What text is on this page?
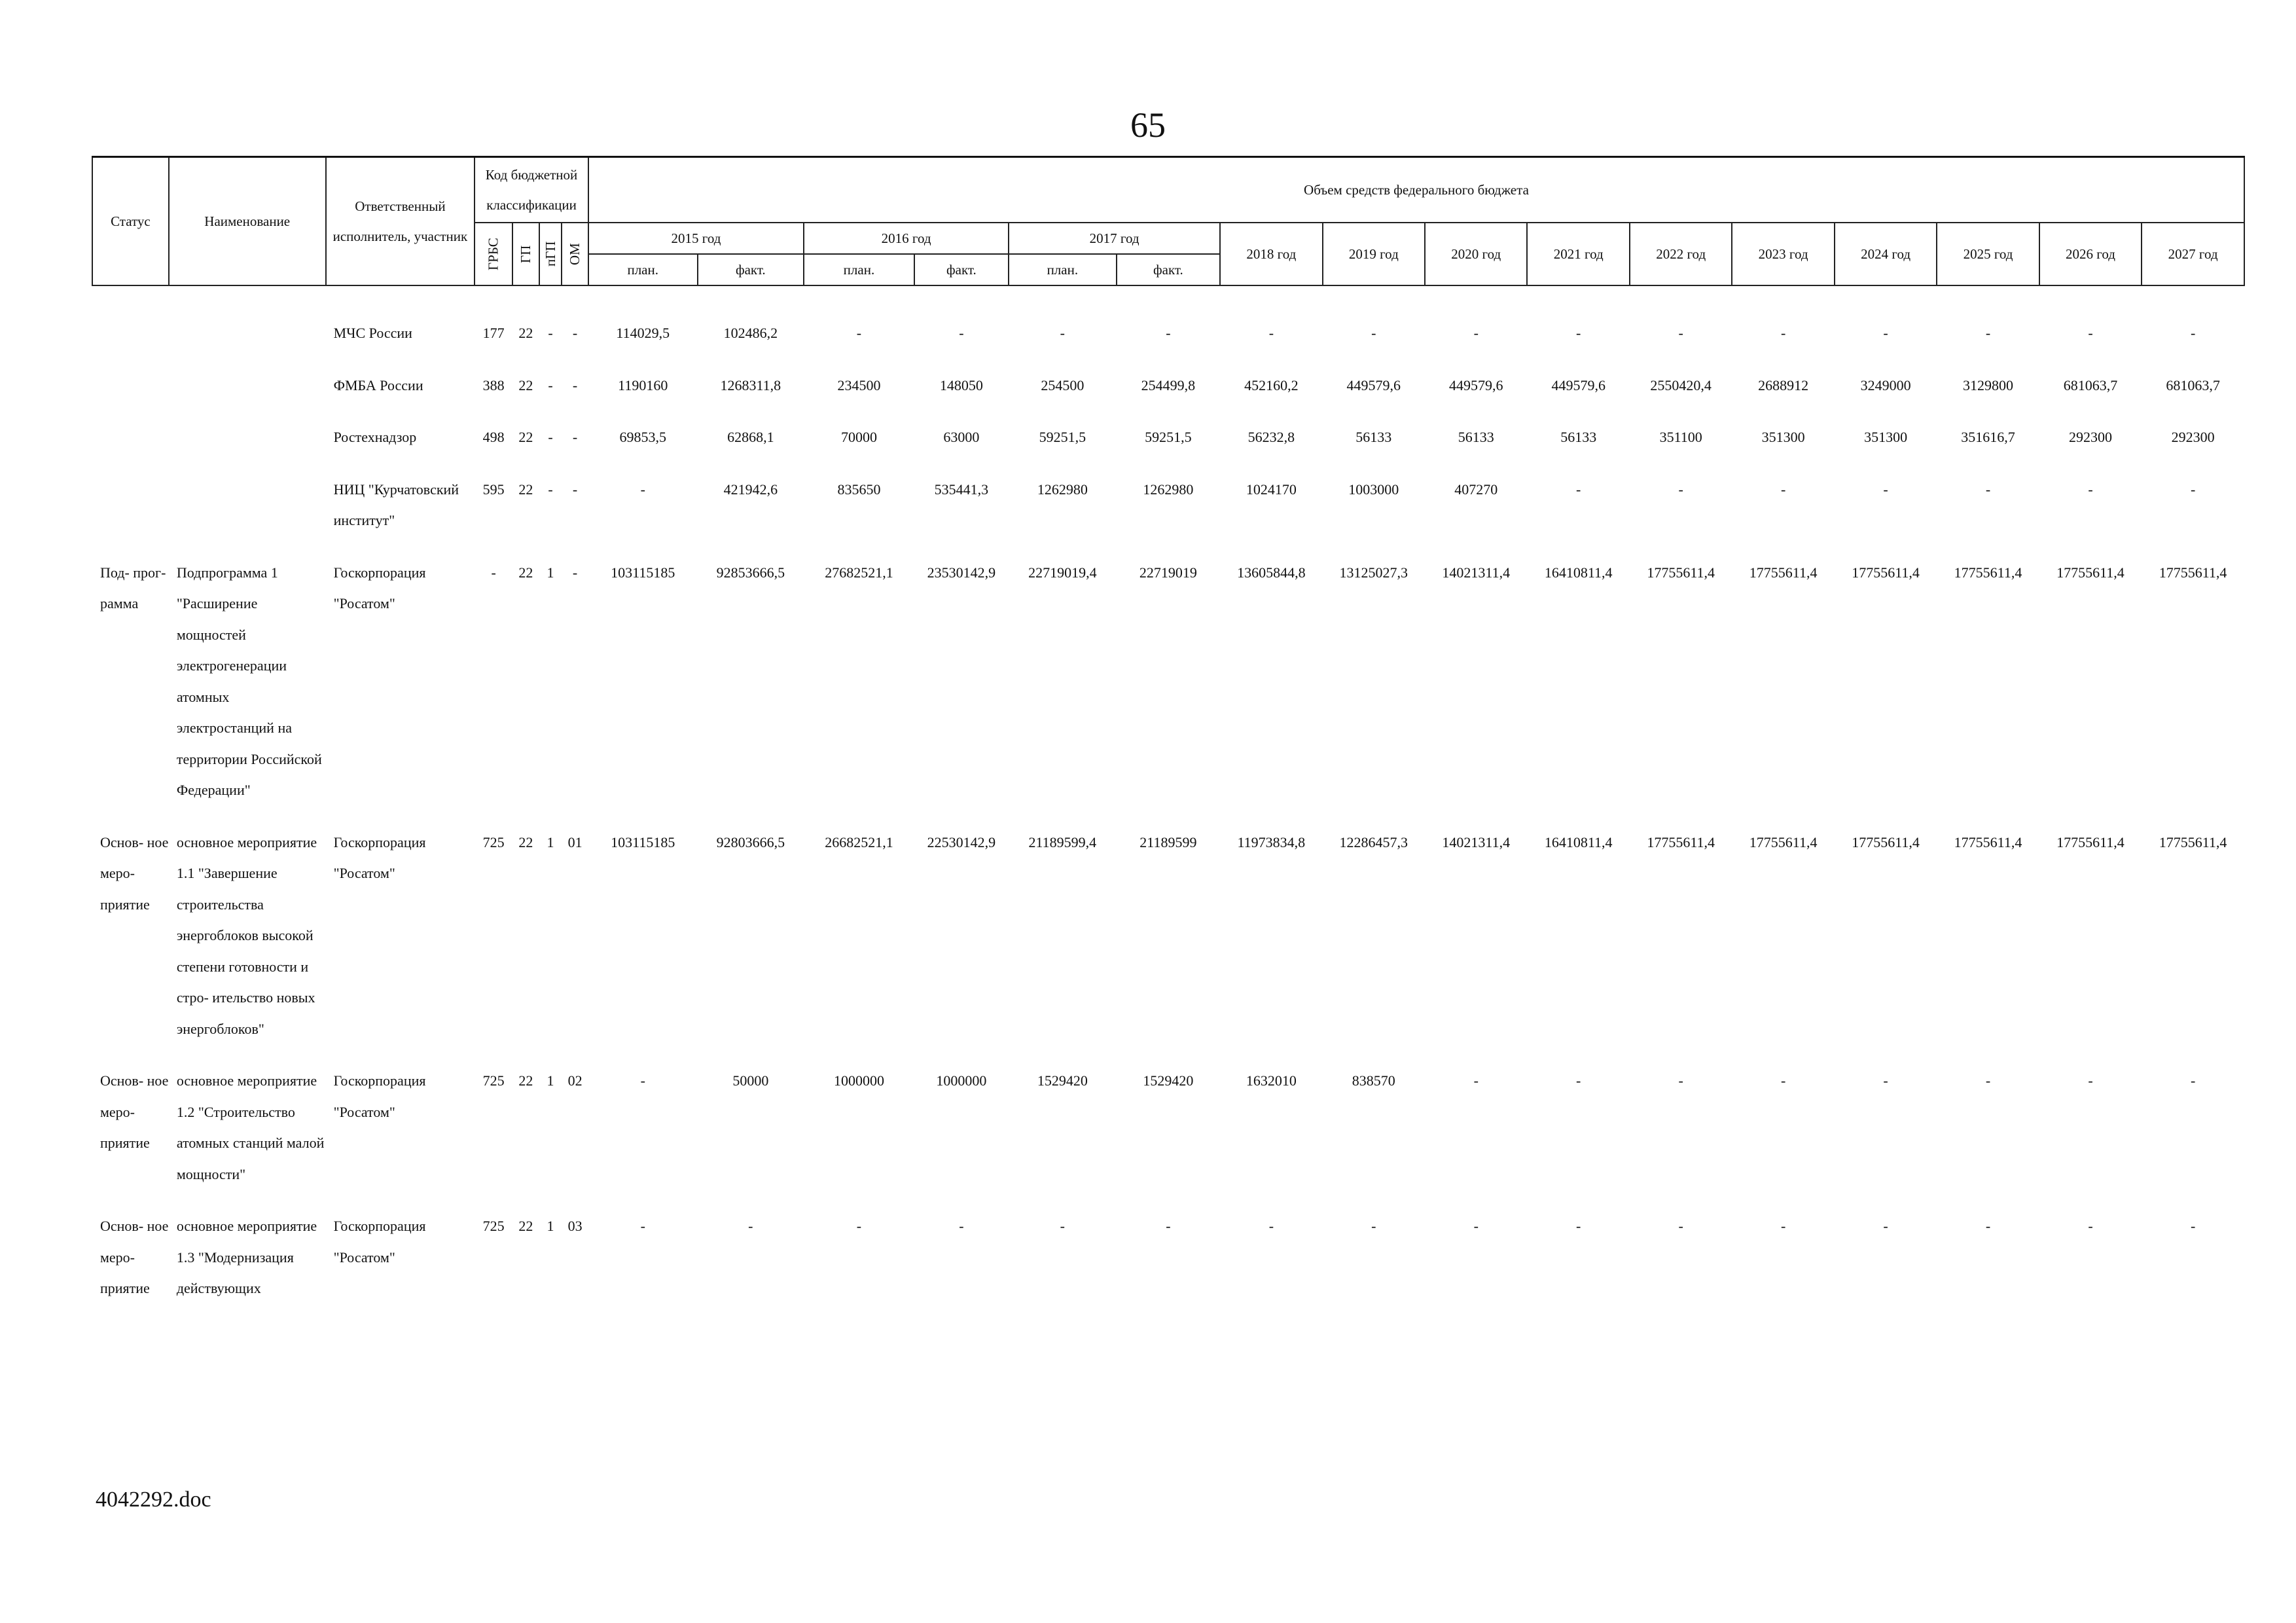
65
Статус	Наименование	Ответственный исполнитель, участник	Код бюджетной классификации				Объем средств федерального бюджета															
			ГРБС	ГП	пГП	ОМ	2015 год		2016 год		2017 год		2018 год	2019 год	2020 год	2021 год	2022 год	2023 год	2024 год	2025 год	2026 год	2027 год
							план.	факт.	план.	факт.	план.	факт.										

		МЧС России	177	22	-	-	114029,5	102486,2	-	-	-	-	-	-	-	-	-	-	-	-	-	-
		ФМБА России	388	22	-	-	1190160	1268311,8	234500	148050	254500	254499,8	452160,2	449579,6	449579,6	449579,6	2550420,4	2688912	3249000	3129800	681063,7	681063,7
		Ростехнадзор	498	22	-	-	69853,5	62868,1	70000	63000	59251,5	59251,5	56232,8	56133	56133	56133	351100	351300	351300	351616,7	292300	292300
		НИЦ "Курчатовский институт"	595	22	-	-	-	421942,6	835650	535441,3	1262980	1262980	1024170	1003000	407270	-	-	-	-	-	-	-
Под- прог- рамма	Подпрограмма 1 "Расширение мощностей электрогенерации атомных электростанций на территории Российской Федерации"	Госкорпорация "Росатом"	-	22	1	-	103115185	92853666,5	27682521,1	23530142,9	22719019,4	22719019	13605844,8	13125027,3	14021311,4	16410811,4	17755611,4	17755611,4	17755611,4	17755611,4	17755611,4	17755611,4
Основ- ное меро- приятие	основное мероприятие 1.1 "Завершение строительства энергоблоков высокой степени готовности и стро- ительство новых энергоблоков"	Госкорпорация "Росатом"	725	22	1	01	103115185	92803666,5	26682521,1	22530142,9	21189599,4	21189599	11973834,8	12286457,3	14021311,4	16410811,4	17755611,4	17755611,4	17755611,4	17755611,4	17755611,4	17755611,4
Основ- ное меро- приятие	основное мероприятие 1.2 "Строительство атомных станций малой мощности"	Госкорпорация "Росатом"	725	22	1	02	-	50000	1000000	1000000	1529420	1529420	1632010	838570	-	-	-	-	-	-	-	-
Основ- ное меро- приятие	основное мероприятие 1.3 "Модернизация действующих	Госкорпорация "Росатом"	725	22	1	03	-	-	-	-	-	-	-	-	-	-	-	-	-	-	-	-
4042292.doc
